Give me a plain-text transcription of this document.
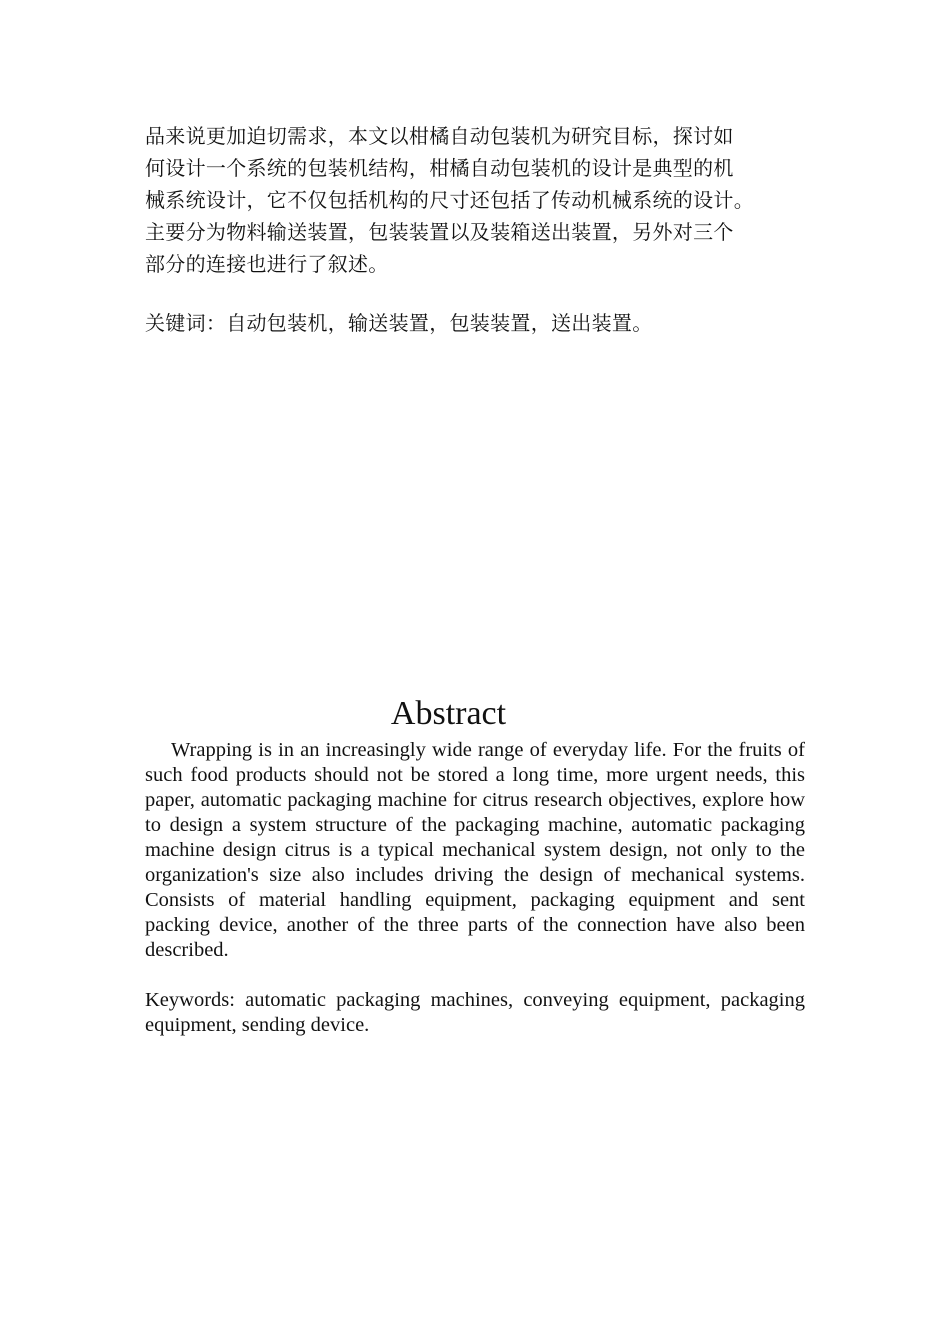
品来说更加迫切需求，本文以柑橘自动包装机为研究目标，探讨如
何设计一个系统的包装机结构，柑橘自动包装机的设计是典型的机
械系统设计，它不仅包括机构的尺寸还包括了传动机械系统的设计。
主要分为物料输送装置，包装装置以及装箱送出装置，另外对三个
部分的连接也进行了叙述。
关键词：自动包装机，输送装置，包装装置，送出装置。
Abstract

Wrapping is in an increasingly wide range of everyday life. For the fruits of such food products should not be stored a long time, more urgent needs, this paper, automatic packaging machine for citrus research objectives, explore how to design a system structure of the packaging machine, automatic packaging machine design citrus is a typical mechanical system design, not only to the organization's size also includes driving the design of mechanical systems. Consists of material handling equipment, packaging equipment and sent packing device, another of the three parts of the connection have also been described.

Keywords: automatic packaging machines, conveying equipment, packaging equipment, sending device.
